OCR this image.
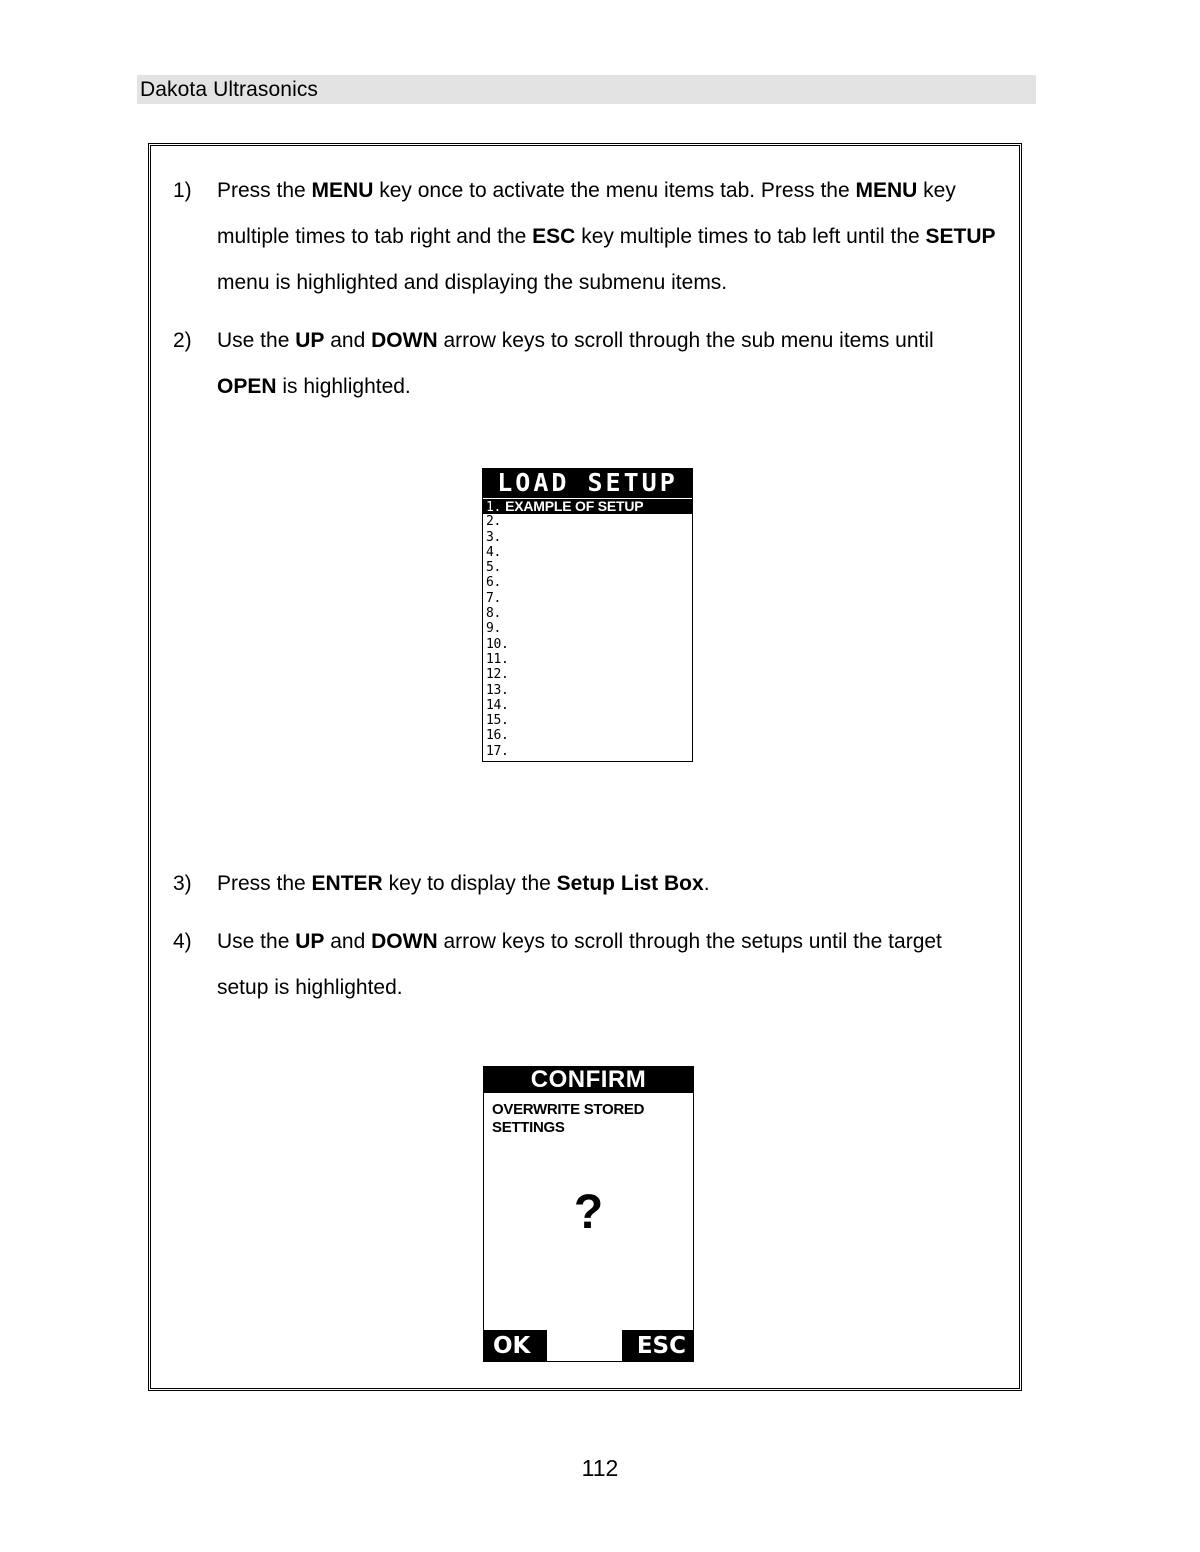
Dakota Ultrasonics
1)	Press the MENU key once to activate the menu items tab. Press the MENU key multiple times to tab right and the ESC key multiple times to tab left until the SETUP menu is highlighted and displaying the submenu items.
2)	Use the UP and DOWN arrow keys to scroll through the sub menu items until OPEN is highlighted.
LOAD SETUP
1. EXAMPLE OF SETUP
2.
3.
4.
5.
6.
7.
8.
9.
10.
11.
12.
13.
14.
15.
16.
17.
3)	Press the ENTER key to display the Setup List Box.
4)	Use the UP and DOWN arrow keys to scroll through the setups until the target setup is highlighted.
CONFIRM
OVERWRITE STORED SETTINGS
?
OK	ESC
112
